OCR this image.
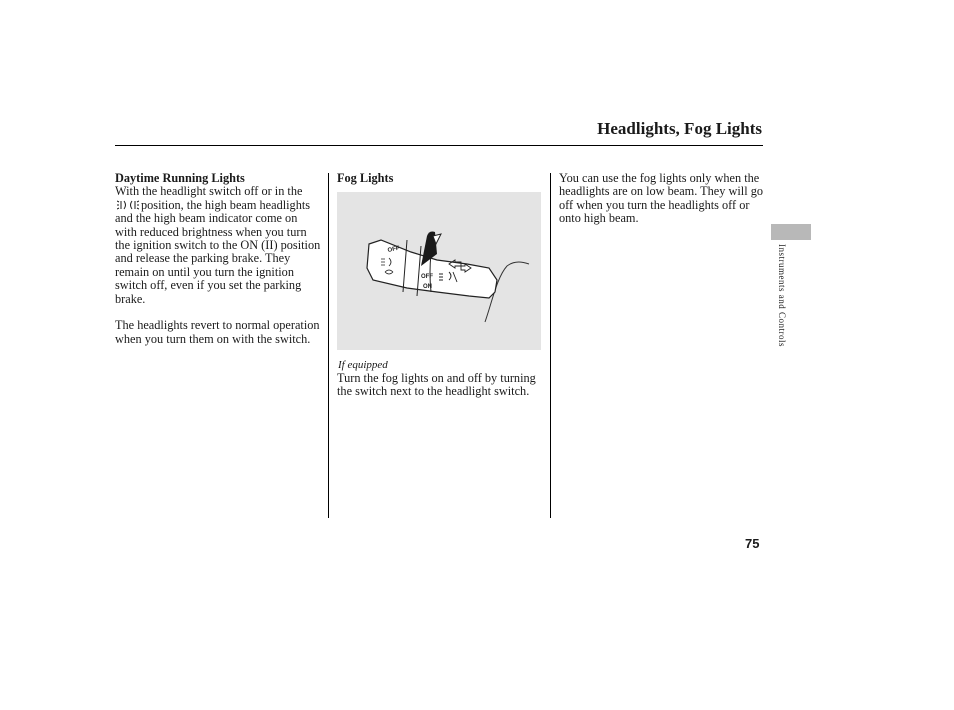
Headlights, Fog Lights
Daytime Running Lights

With the headlight switch off or in theposition, the high beam headlights and the high beam indicator come on with reduced brightness when you turn the ignition switch to the ON (II) position and release the parking brake. They remain on until you turn the ignition switch off, even if you set the parking brake.

The headlights revert to normal operation when you turn them on with the switch.

Fog Lights
OFF
OFF
ON
If equipped
Turn the fog lights on and off by turning the switch next to the headlight switch.

You can use the fog lights only when the headlights are on low beam. They will go off when you turn the headlights off or onto high beam.

Instruments and Controls
75
